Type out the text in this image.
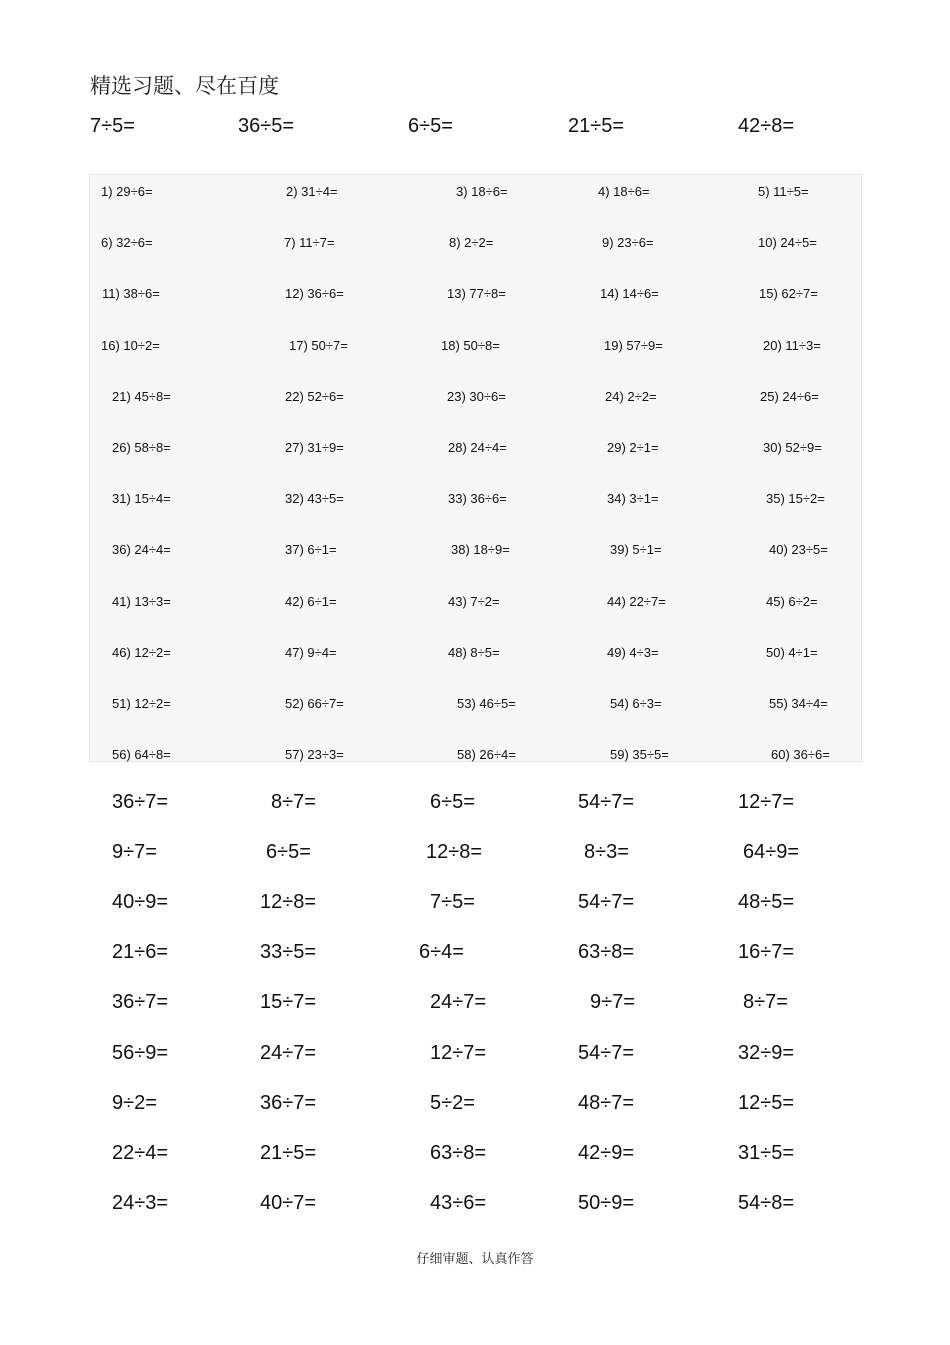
精选习题、尽在百度
7÷5=	36÷5=	6÷5=	21÷5=	42÷8=
1) 29÷6=	2) 31÷4=	3) 18÷6=	4) 18÷6=	5) 11÷5=
6) 32÷6=	7) 11÷7=	8) 2÷2=	9) 23÷6=	10) 24÷5=
11) 38÷6=	12) 36÷6=	13) 77÷8=	14) 14÷6=	15) 62÷7=
16) 10÷2=	17) 50÷7=	18) 50÷8=	19) 57÷9=	20) 11÷3=
21) 45÷8=	22) 52÷6=	23) 30÷6=	24) 2÷2=	25) 24÷6=
26) 58÷8=	27) 31÷9=	28) 24÷4=	29) 2÷1=	30) 52÷9=
31) 15÷4=	32) 43÷5=	33) 36÷6=	34) 3÷1=	35) 15÷2=
36) 24÷4=	37) 6÷1=	38) 18÷9=	39) 5÷1=	40) 23÷5=
41) 13÷3=	42) 6÷1=	43) 7÷2=	44) 22÷7=	45) 6÷2=
46) 12÷2=	47) 9÷4=	48) 8÷5=	49) 4÷3=	50) 4÷1=
51) 12÷2=	52) 66÷7=	53) 46÷5=	54) 6÷3=	55) 34÷4=
56) 64÷8=	57) 23÷3=	58) 26÷4=	59) 35÷5=	60) 36÷6=
36÷7=	8÷7=	6÷5=	54÷7=	12÷7=
9÷7=	6÷5=	12÷8=	8÷3=	64÷9=
40÷9=	12÷8=	7÷5=	54÷7=	48÷5=
21÷6=	33÷5=	6÷4=	63÷8=	16÷7=
36÷7=	15÷7=	24÷7=	9÷7=	8÷7=
56÷9=	24÷7=	12÷7=	54÷7=	32÷9=
9÷2=	36÷7=	5÷2=	48÷7=	12÷5=
22÷4=	21÷5=	63÷8=	42÷9=	31÷5=
24÷3=	40÷7=	43÷6=	50÷9=	54÷8=
仔细审题、认真作答
